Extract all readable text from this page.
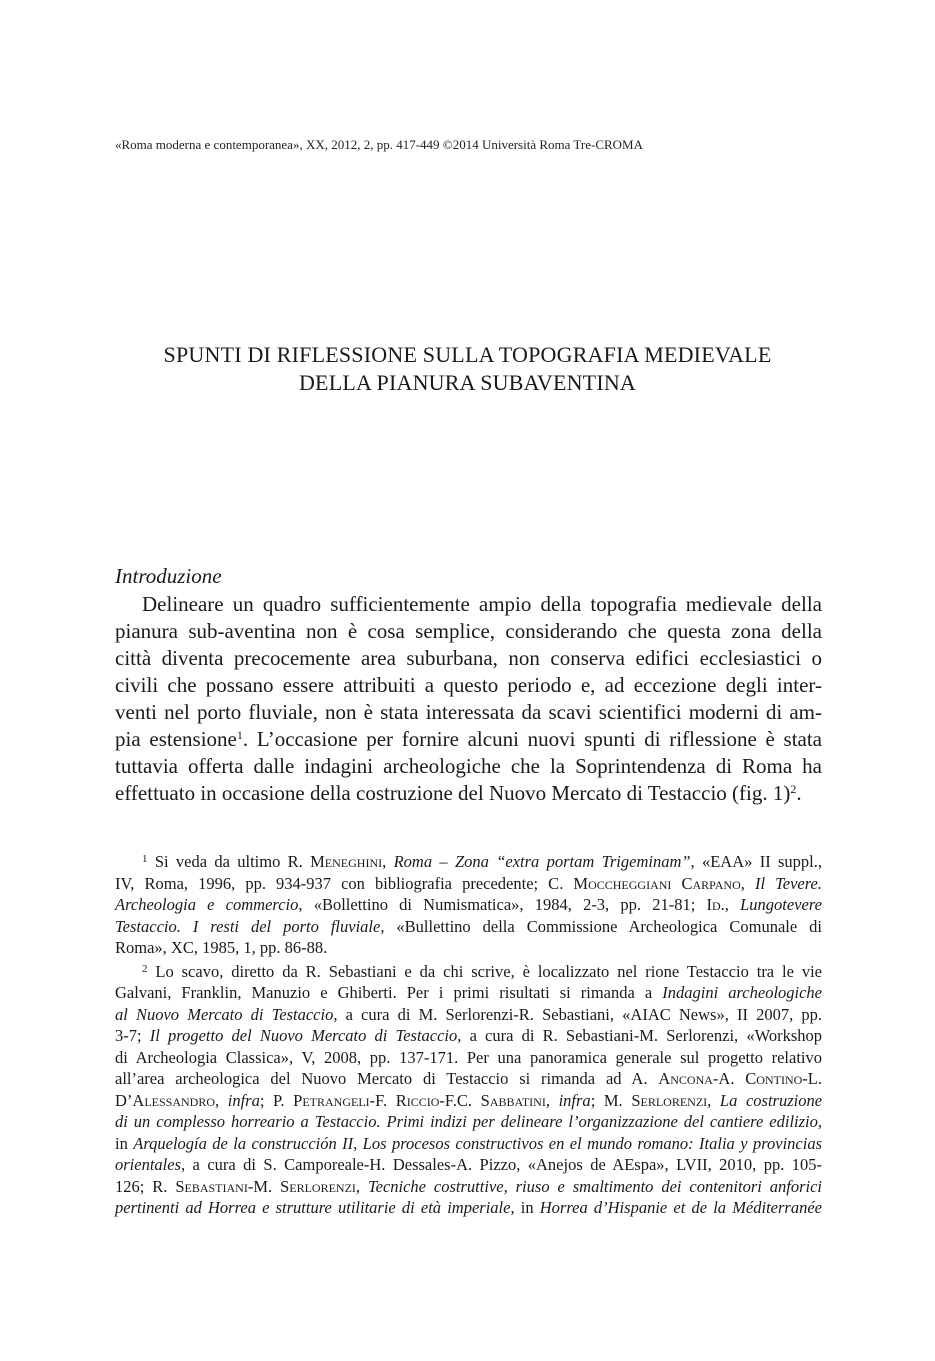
«Roma moderna e contemporanea», XX, 2012, 2, pp. 417-449 ©2014 Università Roma Tre-CROMA
SPUNTI DI RIFLESSIONE SULLA TOPOGRAFIA MEDIEVALE
DELLA PIANURA SUBAVENTINA
Introduzione
Delineare un quadro sufficientemente ampio della topografia medievale della
pianura sub-aventina non è cosa semplice, considerando che questa zona della
città diventa precocemente area suburbana, non conserva edifici ecclesiastici o
civili che possano essere attribuiti a questo periodo e, ad eccezione degli inter-
venti nel porto fluviale, non è stata interessata da scavi scientifici moderni di am-
pia estensione$^1$. L’occasione per fornire alcuni nuovi spunti di riflessione è stata
tuttavia offerta dalle indagini archeologiche che la Soprintendenza di Roma ha
effettuato in occasione della costruzione del Nuovo Mercato di Testaccio (fig. 1)$^2$.
$^1$ Si veda da ultimo R. Meneghini, Roma – Zona “extra portam Trigeminam”, «EAA» II suppl.,
IV, Roma, 1996, pp. 934-937 con bibliografia precedente; C. Moccheggiani Carpano, Il Tevere.
Archeologia e commercio, «Bollettino di Numismatica», 1984, 2-3, pp. 21-81; Id., Lungotevere
Testaccio. I resti del porto fluviale, «Bullettino della Commissione Archeologica Comunale di
Roma», XC, 1985, 1, pp. 86-88.
$^2$ Lo scavo, diretto da R. Sebastiani e da chi scrive, è localizzato nel rione Testaccio tra le vie
Galvani, Franklin, Manuzio e Ghiberti. Per i primi risultati si rimanda a Indagini archeologiche
al Nuovo Mercato di Testaccio, a cura di M. Serlorenzi-R. Sebastiani, «AIAC News», II 2007, pp.
3-7; Il progetto del Nuovo Mercato di Testaccio, a cura di R. Sebastiani-M. Serlorenzi, «Workshop
di Archeologia Classica», V, 2008, pp. 137-171. Per una panoramica generale sul progetto relativo
all’area archeologica del Nuovo Mercato di Testaccio si rimanda ad A. Ancona-A. Contino-L.
D’Alessandro, infra; P. Petrangeli-F. Riccio-F.C. Sabbatini, infra; M. Serlorenzi, La costruzione
di un complesso horreario a Testaccio. Primi indizi per delineare l’organizzazione del cantiere edilizio,
in Arquelogía de la construcción II, Los procesos constructivos en el mundo romano: Italia y provincias
orientales, a cura di S. Camporeale-H. Dessales-A. Pizzo, «Anejos de AEspa», LVII, 2010, pp. 105-
126; R. Sebastiani-M. Serlorenzi, Tecniche costruttive, riuso e smaltimento dei contenitori anforici
pertinenti ad Horrea e strutture utilitarie di età imperiale, in Horrea d’Hispanie et de la Méditerranée
